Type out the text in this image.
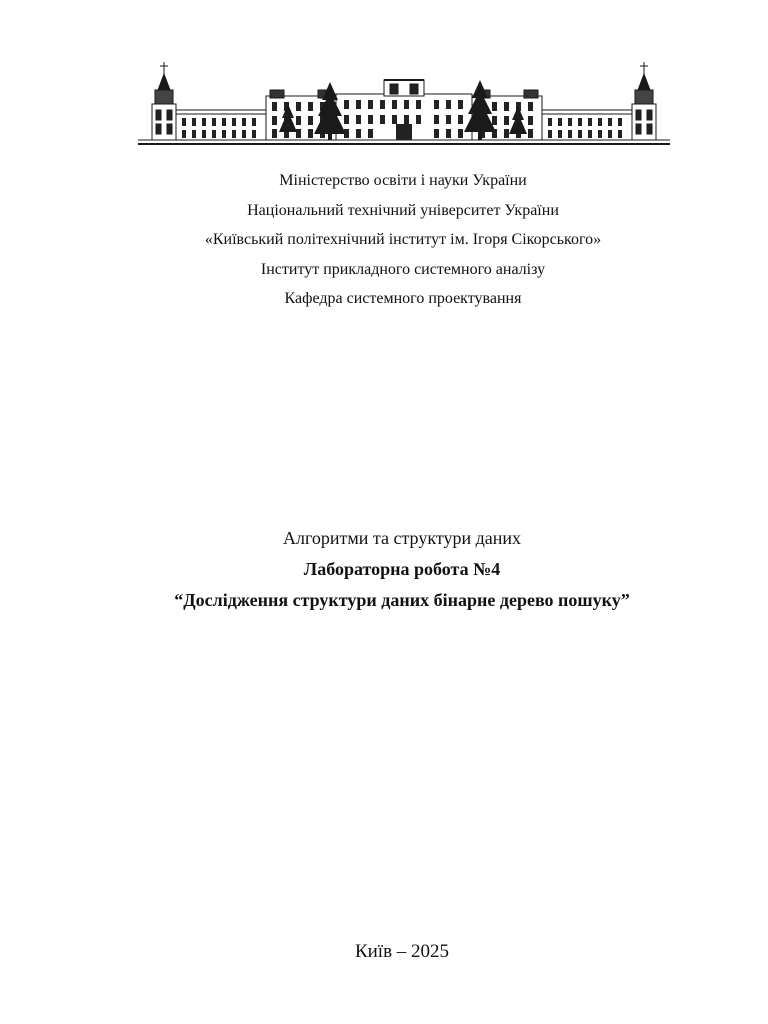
Міністерство освіти і науки України
Національний технічний університет України
«Київський політехнічний інститут ім. Ігоря Сікорського»
Інститут прикладного системного аналізу
Кафедра системного проектування
Алгоритми та структури даних
Лабораторна робота №4
“Дослідження структури даних бінарне дерево пошуку”
Київ – 2025
